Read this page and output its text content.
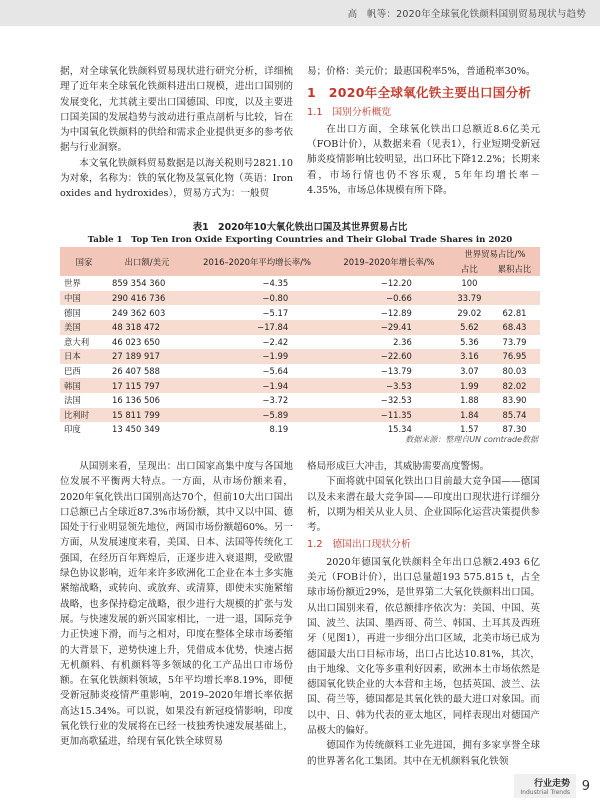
高　帆等：2020年全球氧化铁颜料国别贸易现状与趋势

据，对全球氧化铁颜料贸易现状进行研究分析，详细梳理了近年来全球氧化铁颜料进出口规模，进出口国别的发展变化，尤其就主要出口国德国、印度，以及主要进口国美国的发展趋势与波动进行重点剖析与比较，旨在为中国氧化铁颜料的供给和需求企业提供更多的参考依据与行业洞察。

本文氧化铁颜料贸易数据是以海关税则号2821.10为对象，名称为：铁的氧化物及氢氧化物（英语：Iron oxides and hydroxides），贸易方式为：一般贸

易；价格：美元价；最惠国税率5%，普通税率30%。

1　2020年全球氧化铁主要出口国分析
1.1　国别分析概览

在出口方面，全球氧化铁出口总额近8.6亿美元（FOB计价），从数据来看（见表1），行业短期受新冠肺炎疫情影响比较明显，出口环比下降12.2%；长期来看，市场行情也仍不容乐观，5年年均增长率－4.35%，市场总体规模有所下降。

表1　2020年10大氧化铁出口国及其世界贸易占比
Table 1　Top Ten Iron Oxide Exporting Countries and Their Global Trade Shares in 2020
国家	出口额/美元	2016–2020年平均增长率/%	2019–2020年增长率/%	世界贸易占比/%	
				占比	累积占比
世界	859 354 360	−4.35	−12.20	100	
中国	290 416 736	−0.80	−0.66	33.79	
德国	249 362 603	−5.17	−12.89	29.02	62.81
美国	48 318 472	−17.84	−29.41	5.62	68.43
意大利	46 023 650	−2.42	2.36	5.36	73.79
日本	27 189 917	−1.99	−22.60	3.16	76.95
巴西	26 407 588	−5.64	−13.79	3.07	80.03
韩国	17 115 797	−1.94	−3.53	1.99	82.02
法国	16 136 506	−3.72	−32.53	1.88	83.90
比利时	15 811 799	−5.89	−11.35	1.84	85.74
印度	13 450 349	8.19	15.34	1.57	87.30
数据来源：整理自UN comtrade数据

从国别来看，呈现出：出口国家高集中度与各国地位发展不平衡两大特点。一方面，从市场份额来看，2020年氧化铁出口国别高达70个，但前10大出口国出口总额已占全球近87.3%市场份额，其中又以中国、德国处于行业明显领先地位，两国市场份额超60%。另一方面，从发展速度来看，美国、日本、法国等传统化工强国，在经历百年辉煌后，正逐步进入衰退期，受欧盟绿色协议影响，近年来许多欧洲化工企业在本土多实施紧缩战略，或转向、或放弃、或清算，即使未实施紧缩战略，也多保持稳定战略，很少进行大规模的扩张与发展。与快速发展的新兴国家相比，一进一退，国际竞争力正快速下滑，而与之相对，印度在整体全球市场萎缩的大背景下，逆势快速上升，凭借成本优势，快速占据无机颜料、有机颜料等多领域的化工产品出口市场份额。在氧化铁颜料领域，5年平均增长率8.19%，即便受新冠肺炎疫情严重影响，2019–2020年增长率依据高达15.34%。可以说，如果没有新冠疫情影响，印度氧化铁行业的发展将在已经一枝独秀快速发展基础上，更加高歌猛进，给现有氧化铁全球贸易

格局形成巨大冲击，其威胁需要高度警惕。

下面将就中国氧化铁出口目前最大竞争国——德国以及未来潜在最大竞争国——印度出口现状进行详细分析，以期为相关从业人员、企业国际化运营决策提供参考。

1.2　德国出口现状分析

2020年德国氧化铁颜料全年出口总额2.493 6亿美元（FOB计价），出口总量超193 575.815 t，占全球市场份额近29%，是世界第二大氧化铁颜料出口国。从出口国别来看，依总额排序依次为：美国、中国、英国、波兰、法国、墨西哥、荷兰、韩国、土耳其及西班牙（见图1），再进一步细分出口区域，北美市场已成为德国最大出口目标市场，出口占比达10.81%，其次，由于地缘、文化等多重利好因素，欧洲本土市场依然是德国氧化铁企业的大本营和主场，包括英国、波兰、法国、荷兰等，德国都是其氧化铁的最大进口对象国。而以中、日、韩为代表的亚太地区，同样表现出对德国产品极大的偏好。

德国作为传统颜料工业先进国，拥有多家享誉全球的世界著名化工集团。其中在无机颜料氧化铁领

行业走势
Industrial Trends 9
